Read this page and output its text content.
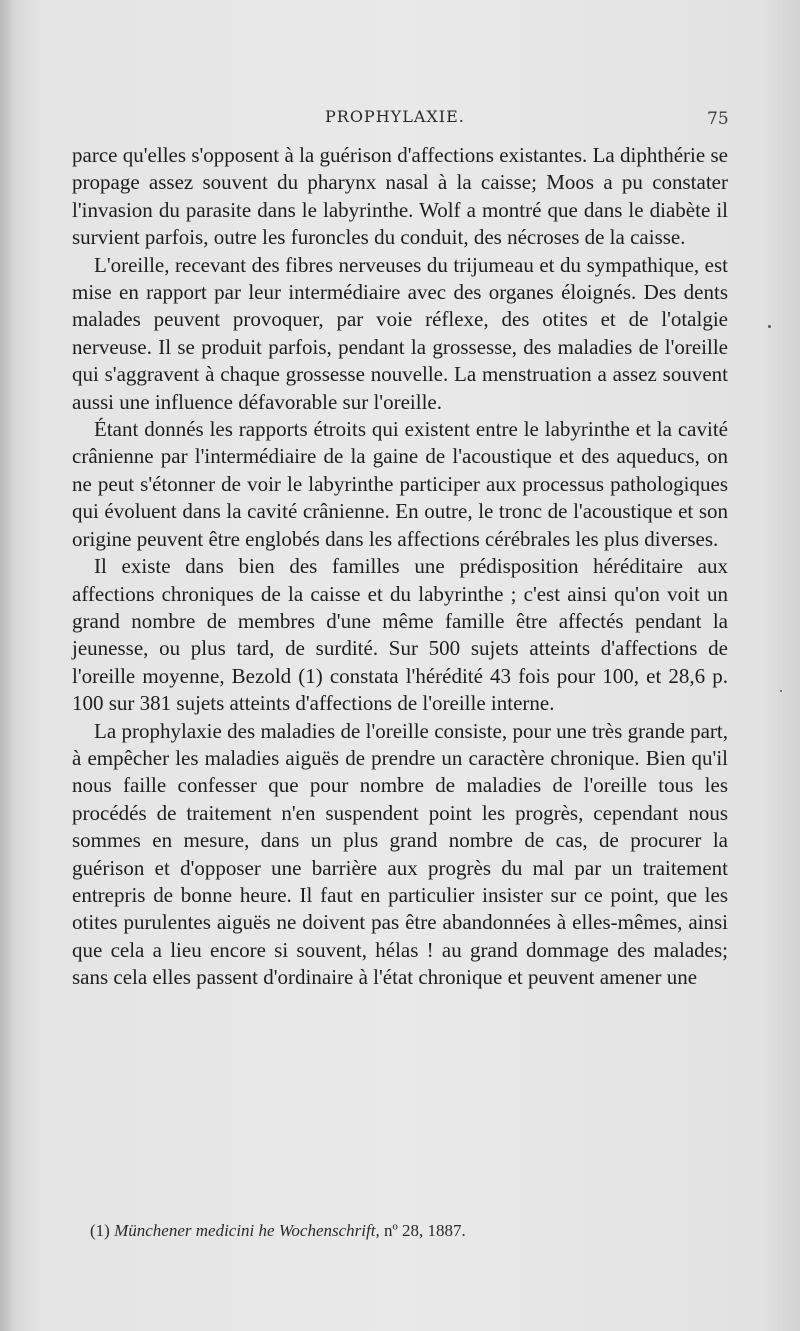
PROPHYLAXIE.	75

parce qu'elles s'opposent à la guérison d'affections existantes. La diphthérie se propage assez souvent du pharynx nasal à la caisse; Moos a pu constater l'invasion du parasite dans le labyrinthe. Wolf a montré que dans le diabète il survient parfois, outre les furoncles du conduit, des nécroses de la caisse.

L'oreille, recevant des fibres nerveuses du trijumeau et du sympathique, est mise en rapport par leur intermédiaire avec des organes éloignés. Des dents malades peuvent provoquer, par voie réflexe, des otites et de l'otalgie nerveuse. Il se produit parfois, pendant la grossesse, des maladies de l'oreille qui s'aggravent à chaque grossesse nouvelle. La menstruation a assez souvent aussi une influence défavorable sur l'oreille.

Étant donnés les rapports étroits qui existent entre le labyrinthe et la cavité crânienne par l'intermédiaire de la gaine de l'acoustique et des aqueducs, on ne peut s'étonner de voir le labyrinthe participer aux processus pathologiques qui évoluent dans la cavité crânienne. En outre, le tronc de l'acoustique et son origine peuvent être englobés dans les affections cérébrales les plus diverses.

Il existe dans bien des familles une prédisposition héréditaire aux affections chroniques de la caisse et du labyrinthe ; c'est ainsi qu'on voit un grand nombre de membres d'une même famille être affectés pendant la jeunesse, ou plus tard, de surdité. Sur 500 sujets atteints d'affections de l'oreille moyenne, Bezold (1) constata l'hérédité 43 fois pour 100, et 28,6 p. 100 sur 381 sujets atteints d'affections de l'oreille interne.

La prophylaxie des maladies de l'oreille consiste, pour une très grande part, à empêcher les maladies aiguës de prendre un caractère chronique. Bien qu'il nous faille confesser que pour nombre de maladies de l'oreille tous les procédés de traitement n'en suspendent point les progrès, cependant nous sommes en mesure, dans un plus grand nombre de cas, de procurer la guérison et d'opposer une barrière aux progrès du mal par un traitement entrepris de bonne heure. Il faut en particulier insister sur ce point, que les otites purulentes aiguës ne doivent pas être abandonnées à elles-mêmes, ainsi que cela a lieu encore si souvent, hélas ! au grand dommage des malades; sans cela elles passent d'ordinaire à l'état chronique et peuvent amener une

(1) Münchener medicini he Wochenschrift, nº 28, 1887.
